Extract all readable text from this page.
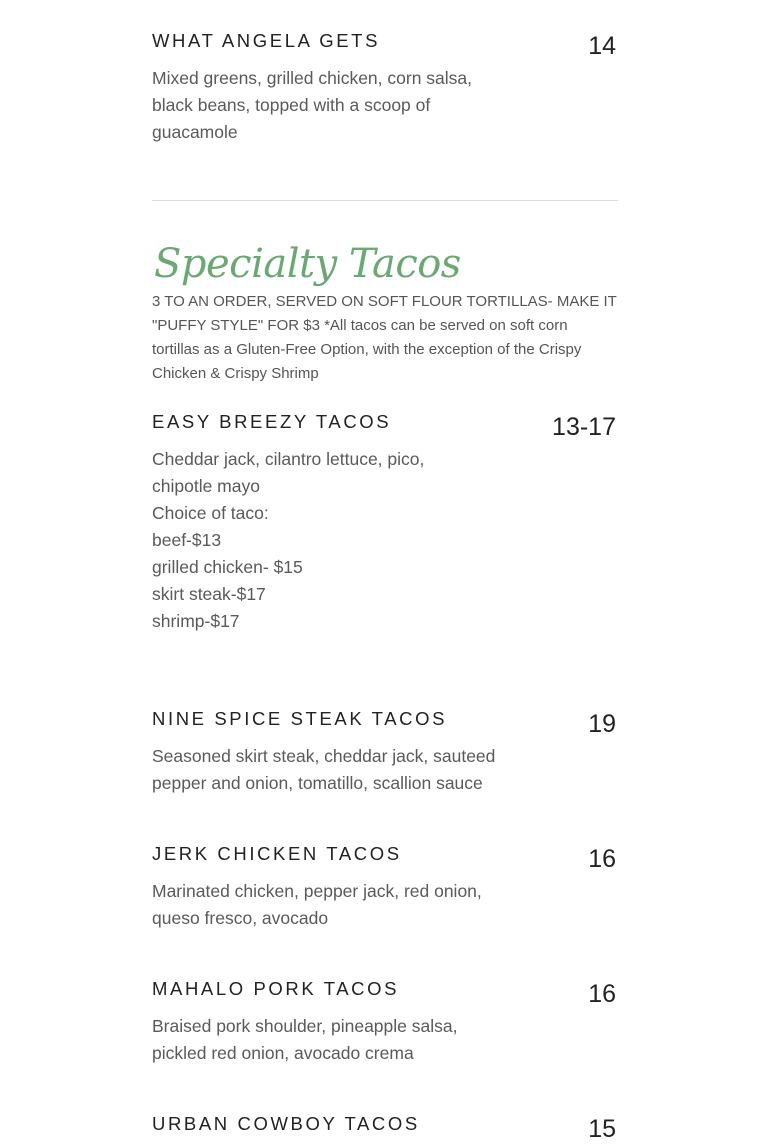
WHAT ANGELA GETS	14
Mixed greens, grilled chicken, corn salsa,
black beans, topped with a scoop of
guacamole
Specialty Tacos
3 TO AN ORDER, SERVED ON SOFT FLOUR TORTILLAS- MAKE IT
"PUFFY STYLE" FOR $3 *All tacos can be served on soft corn
tortillas as a Gluten-Free Option, with the exception of the Crispy
Chicken & Crispy Shrimp
EASY BREEZY TACOS	13-17
Cheddar jack, cilantro lettuce, pico,
chipotle mayo
Choice of taco:
beef-$13
grilled chicken- $15
skirt steak-$17
shrimp-$17
NINE SPICE STEAK TACOS	19
Seasoned skirt steak, cheddar jack, sauteed
pepper and onion, tomatillo, scallion sauce
JERK CHICKEN TACOS	16
Marinated chicken, pepper jack, red onion,
queso fresco, avocado
MAHALO PORK TACOS	16
Braised pork shoulder, pineapple salsa,
pickled red onion, avocado crema
URBAN COWBOY TACOS	15
